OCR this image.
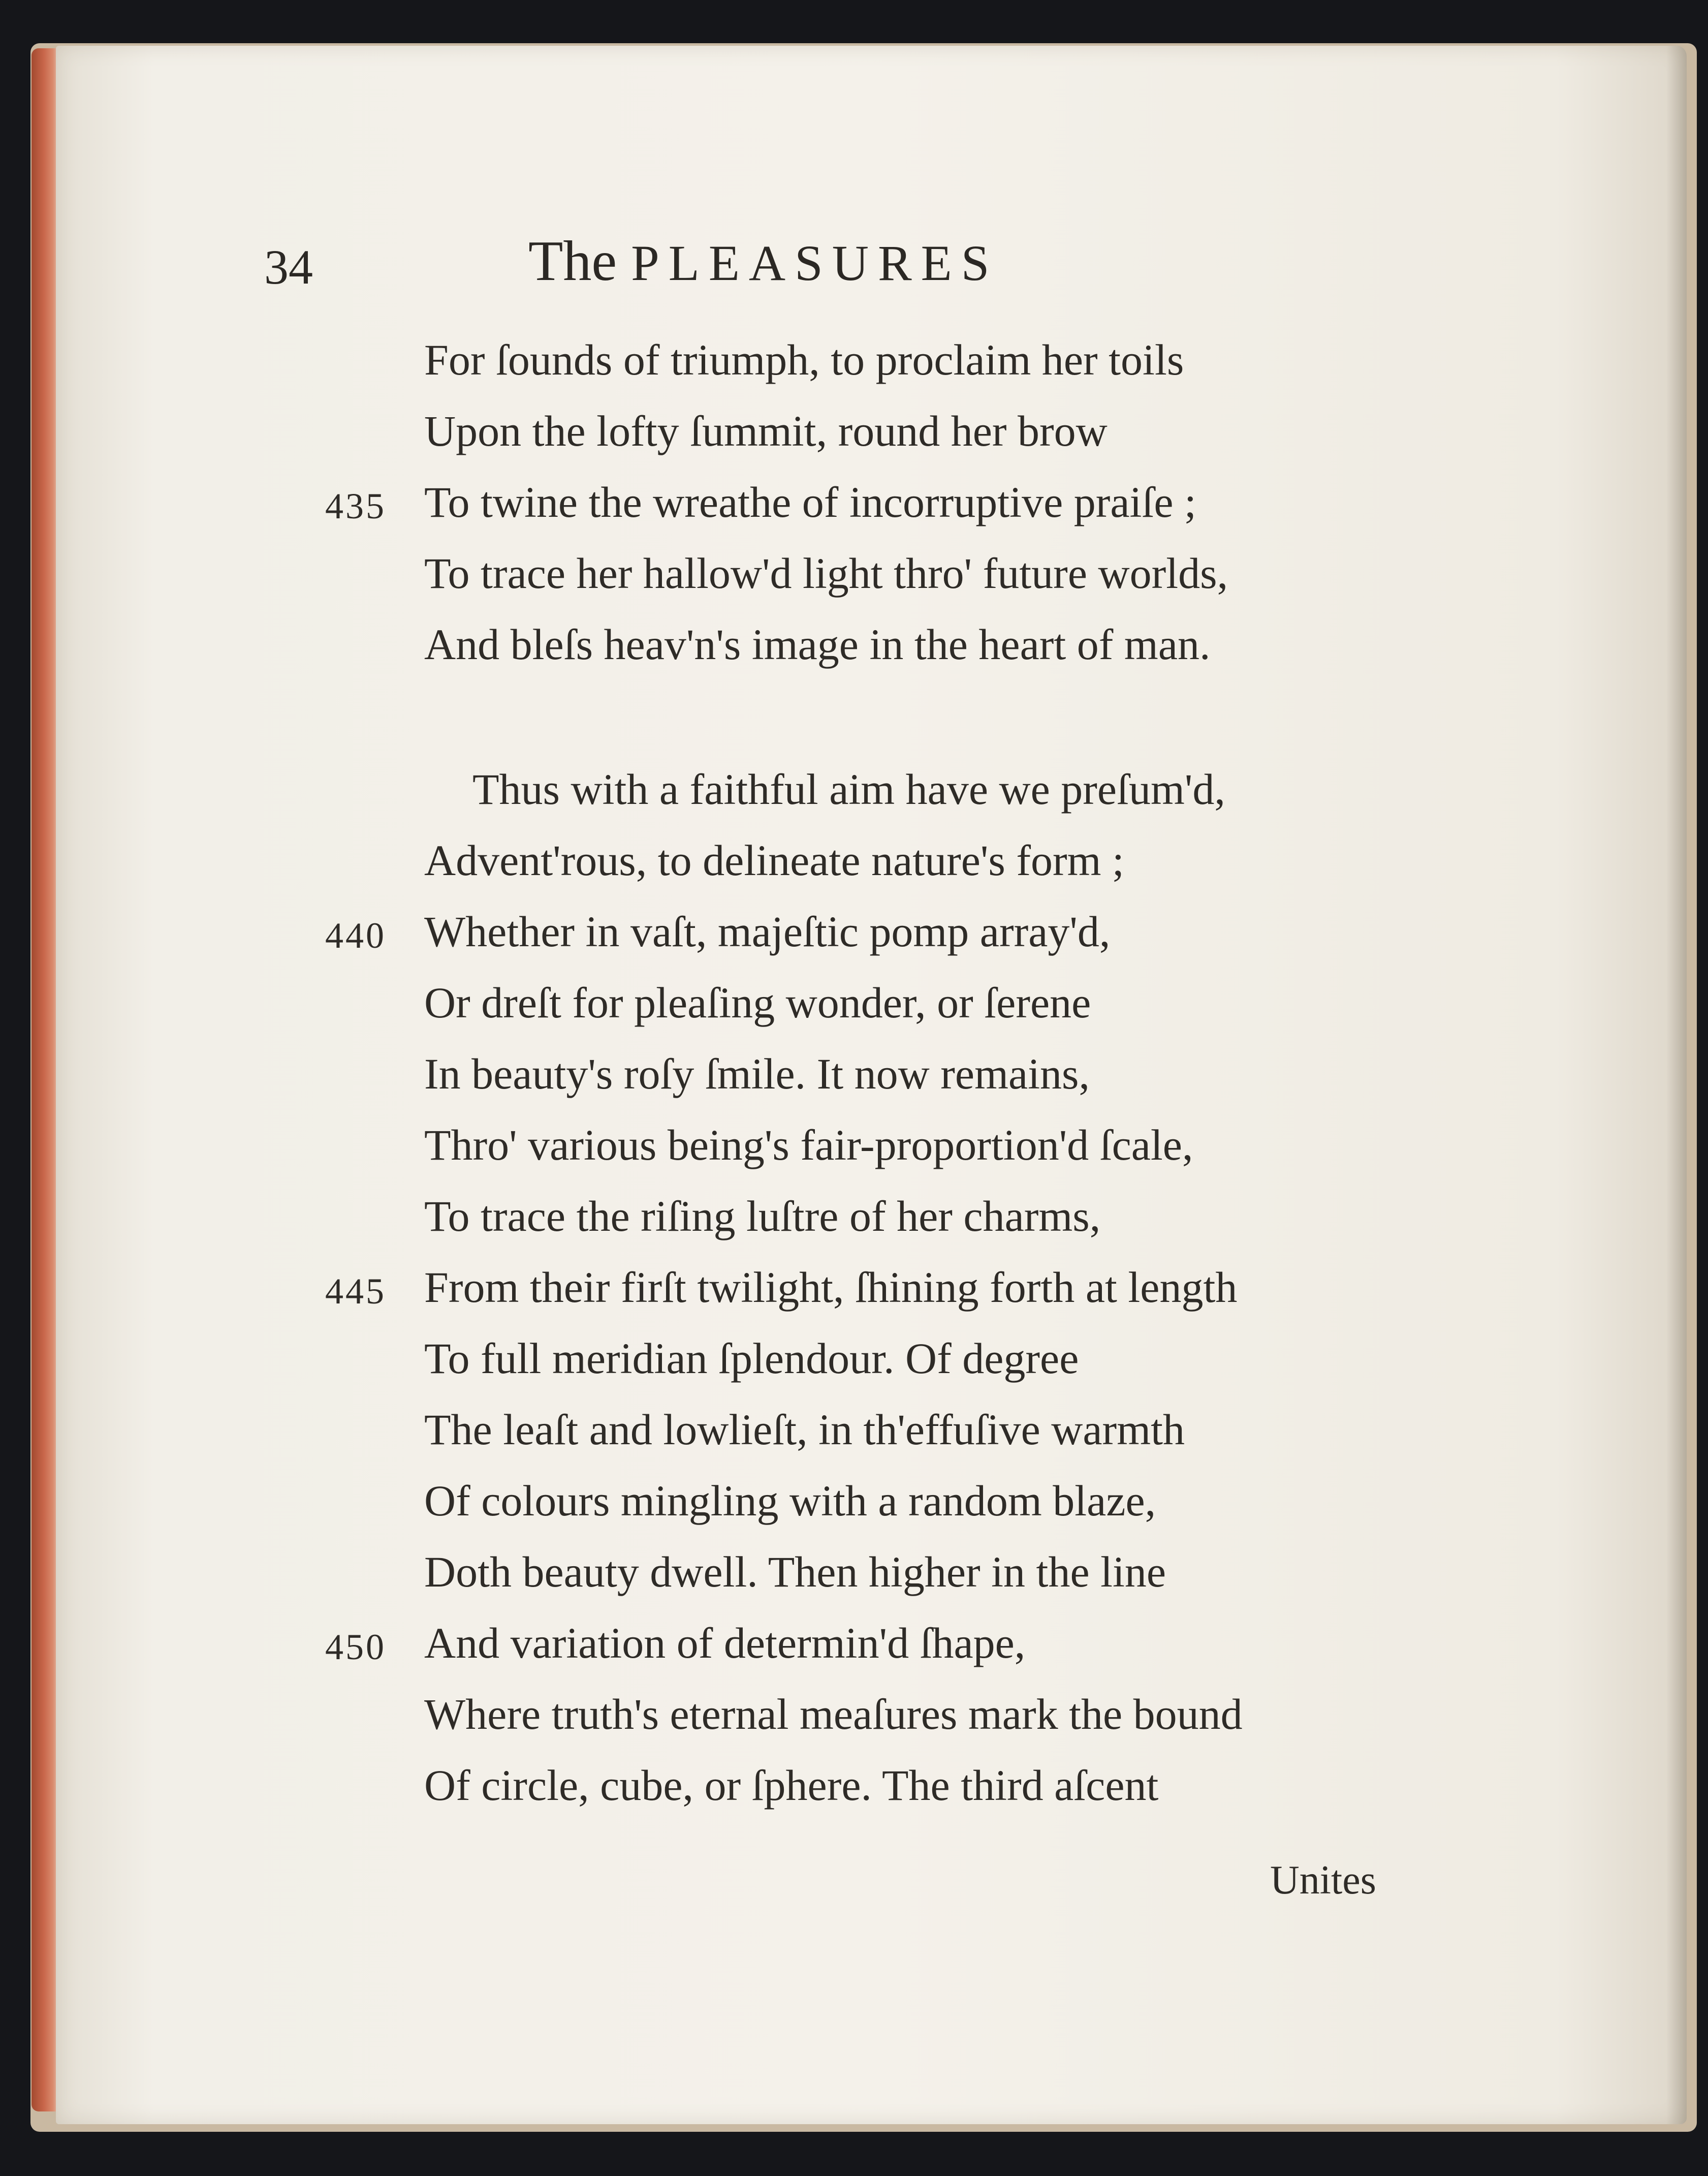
34	The PLEASURES
For ſounds of triumph, to proclaim her toils
Upon the lofty ſummit, round her brow
435 To twine the wreathe of incorruptive praiſe ;
To trace her hallow'd light thro' future worlds,
And bleſs heav'n's image in the heart of man.
Thus with a faithful aim have we preſum'd,
Advent'rous, to delineate nature's form ;
440 Whether in vaſt, majeſtic pomp array'd,
Or dreſt for pleaſing wonder, or ſerene
In beauty's roſy ſmile. It now remains,
Thro' various being's fair-proportion'd ſcale,
To trace the riſing luſtre of her charms,
445 From their firſt twilight, ſhining forth at length
To full meridian ſplendour. Of degree
The leaſt and lowlieſt, in th'effuſive warmth
Of colours mingling with a random blaze,
Doth beauty dwell. Then higher in the line
450 And variation of determin'd ſhape,
Where truth's eternal meaſures mark the bound
Of circle, cube, or ſphere. The third aſcent
Unites
